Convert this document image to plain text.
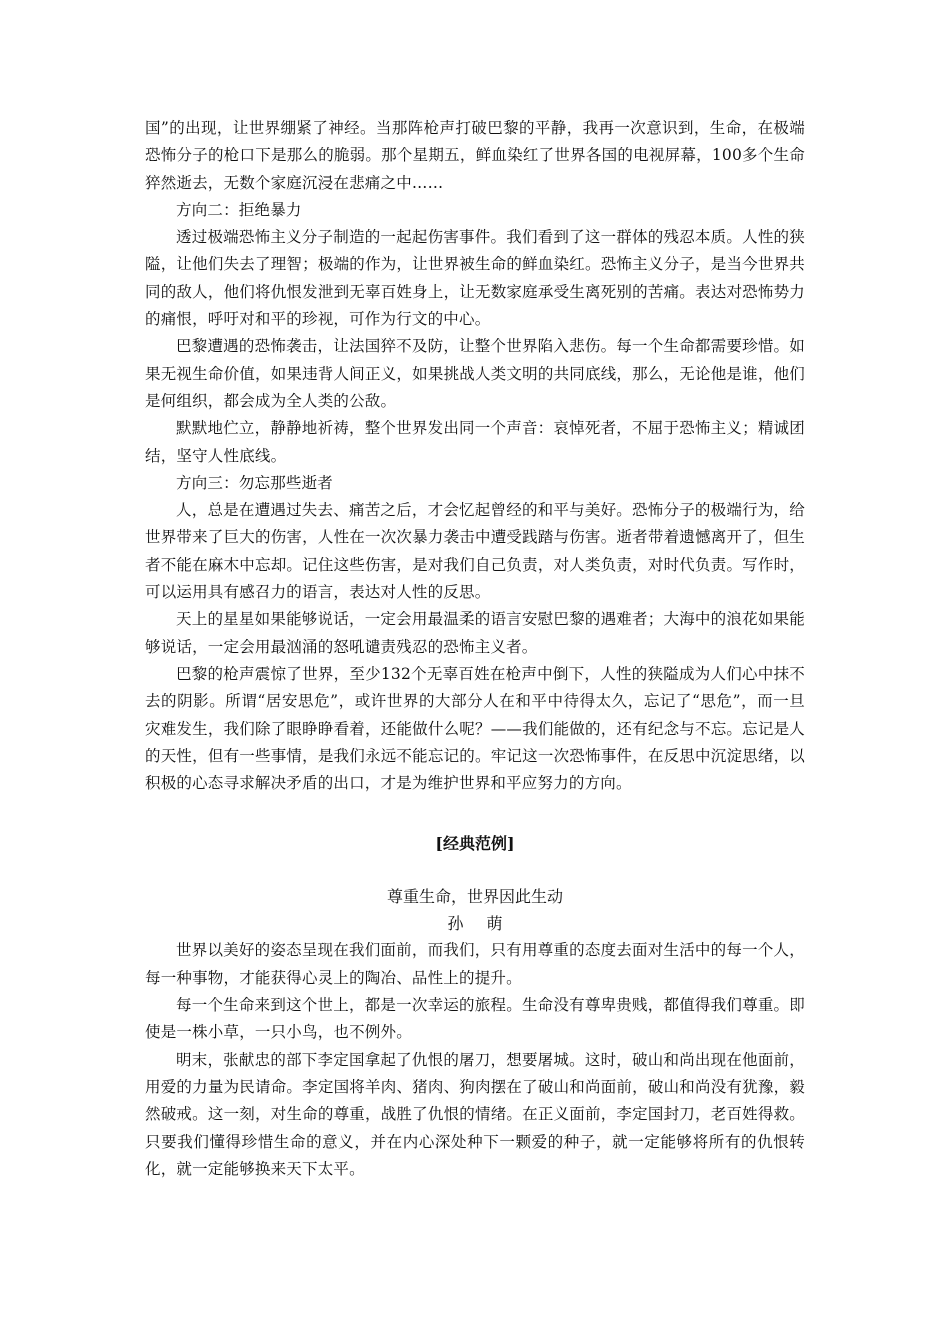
国”的出现，让世界绷紧了神经。当那阵枪声打破巴黎的平静，我再一次意识到，生命，在极端恐怖分子的枪口下是那么的脆弱。那个星期五，鲜血染红了世界各国的电视屏幕，100多个生命猝然逝去，无数个家庭沉浸在悲痛之中……

方向二：拒绝暴力

透过极端恐怖主义分子制造的一起起伤害事件。我们看到了这一群体的残忍本质。人性的狭隘，让他们失去了理智；极端的作为，让世界被生命的鲜血染红。恐怖主义分子，是当今世界共同的敌人，他们将仇恨发泄到无辜百姓身上，让无数家庭承受生离死别的苦痛。表达对恐怖势力的痛恨，呼吁对和平的珍视，可作为行文的中心。

巴黎遭遇的恐怖袭击，让法国猝不及防，让整个世界陷入悲伤。每一个生命都需要珍惜。如果无视生命价值，如果违背人间正义，如果挑战人类文明的共同底线，那么，无论他是谁，他们是何组织，都会成为全人类的公敌。

默默地伫立，静静地祈祷，整个世界发出同一个声音：哀悼死者，不屈于恐怖主义；精诚团结，坚守人性底线。

方向三：勿忘那些逝者

人，总是在遭遇过失去、痛苦之后，才会忆起曾经的和平与美好。恐怖分子的极端行为，给世界带来了巨大的伤害，人性在一次次暴力袭击中遭受践踏与伤害。逝者带着遗憾离开了，但生者不能在麻木中忘却。记住这些伤害，是对我们自己负责，对人类负责，对时代负责。写作时，可以运用具有感召力的语言，表达对人性的反思。

天上的星星如果能够说话，一定会用最温柔的语言安慰巴黎的遇难者；大海中的浪花如果能够说话，一定会用最汹涌的怒吼谴责残忍的恐怖主义者。

巴黎的枪声震惊了世界，至少132个无辜百姓在枪声中倒下，人性的狭隘成为人们心中抹不去的阴影。所谓“居安思危”，或许世界的大部分人在和平中待得太久，忘记了“思危”，而一旦灾难发生，我们除了眼睁睁看着，还能做什么呢？——我们能做的，还有纪念与不忘。忘记是人的天性，但有一些事情，是我们永远不能忘记的。牢记这一次恐怖事件，在反思中沉淀思绪，以积极的心态寻求解决矛盾的出口，才是为维护世界和平应努力的方向。

[经典范例]
尊重生命，世界因此生动
孙 萌

世界以美好的姿态呈现在我们面前，而我们，只有用尊重的态度去面对生活中的每一个人，每一种事物，才能获得心灵上的陶冶、品性上的提升。

每一个生命来到这个世上，都是一次幸运的旅程。生命没有尊卑贵贱，都值得我们尊重。即使是一株小草，一只小鸟，也不例外。

明末，张献忠的部下李定国拿起了仇恨的屠刀，想要屠城。这时，破山和尚出现在他面前，用爱的力量为民请命。李定国将羊肉、猪肉、狗肉摆在了破山和尚面前，破山和尚没有犹豫，毅然破戒。这一刻，对生命的尊重，战胜了仇恨的情绪。在正义面前，李定国封刀，老百姓得救。只要我们懂得珍惜生命的意义，并在内心深处种下一颗爱的种子，就一定能够将所有的仇恨转化，就一定能够换来天下太平。
